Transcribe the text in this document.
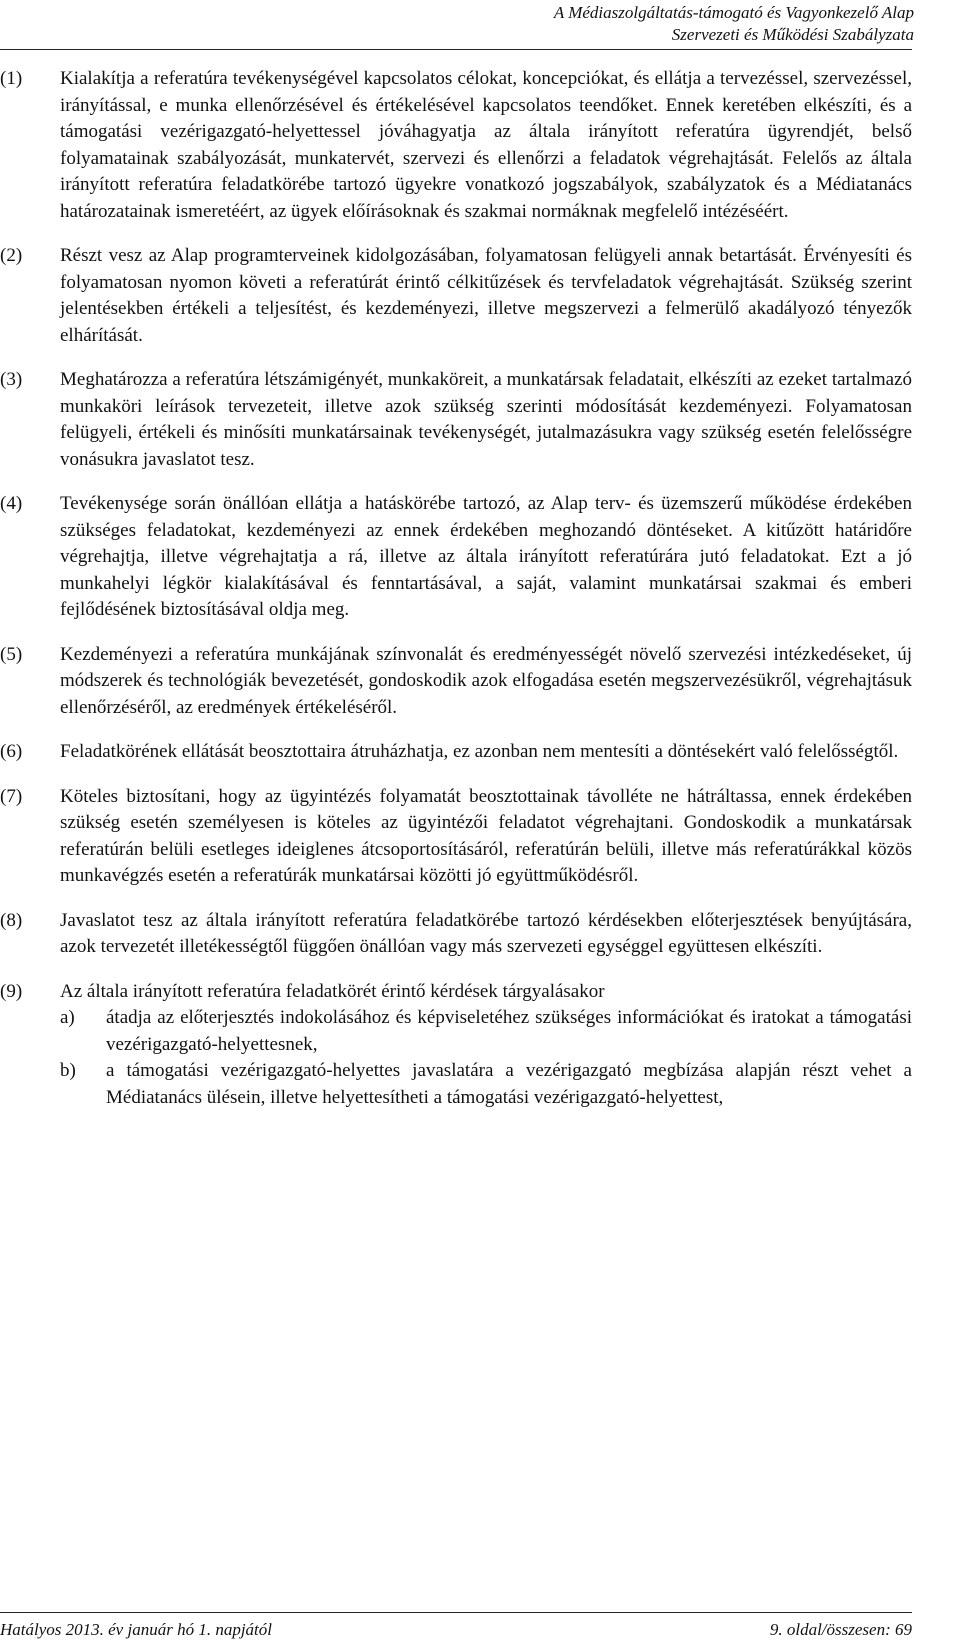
A Médiaszolgáltatás-támogató és Vagyonkezelő Alap
Szervezeti és Működési Szabályzata
(1) Kialakítja a referatúra tevékenységével kapcsolatos célokat, koncepciókat, és ellátja a tervezéssel, szervezéssel, irányítással, e munka ellenőrzésével és értékelésével kapcsolatos teendőket. Ennek keretében elkészíti, és a támogatási vezérigazgató-helyettessel jóváhagyatja az általa irányított referatúra ügyrendjét, belső folyamatainak szabályozását, munkatervét, szervezi és ellenőrzi a feladatok végrehajtását. Felelős az általa irányított referatúra feladatkörébe tartozó ügyekre vonatkozó jogszabályok, szabályzatok és a Médiatanács határozatainak ismeretéért, az ügyek előírásoknak és szakmai normáknak megfelelő intézéséért.
(2) Részt vesz az Alap programterveinek kidolgozásában, folyamatosan felügyeli annak betartását. Érvényesíti és folyamatosan nyomon követi a referatúrát érintő célkitűzések és tervfeladatok végrehajtását. Szükség szerint jelentésekben értékeli a teljesítést, és kezdeményezi, illetve megszervezi a felmerülő akadályozó tényezők elhárítását.
(3) Meghatározza a referatúra létszámigényét, munkaköreit, a munkatársak feladatait, elkészíti az ezeket tartalmazó munkaköri leírások tervezeteit, illetve azok szükség szerinti módosítását kezdeményezi. Folyamatosan felügyeli, értékeli és minősíti munkatársainak tevékenységét, jutalmazásukra vagy szükség esetén felelősségre vonásukra javaslatot tesz.
(4) Tevékenysége során önállóan ellátja a hatáskörébe tartozó, az Alap terv- és üzemszerű működése érdekében szükséges feladatokat, kezdeményezi az ennek érdekében meghozandó döntéseket. A kitűzött határidőre végrehajtja, illetve végrehajtatja a rá, illetve az általa irányított referatúrára jutó feladatokat. Ezt a jó munkahelyi légkör kialakításával és fenntartásával, a saját, valamint munkatársai szakmai és emberi fejlődésének biztosításával oldja meg.
(5) Kezdeményezi a referatúra munkájának színvonalát és eredményességét növelő szervezési intézkedéseket, új módszerek és technológiák bevezetését, gondoskodik azok elfogadása esetén megszervezésükről, végrehajtásuk ellenőrzéséről, az eredmények értékeléséről.
(6) Feladatkörének ellátását beosztottaira átruházhatja, ez azonban nem mentesíti a döntésekért való felelősségtől.
(7) Köteles biztosítani, hogy az ügyintézés folyamatát beosztottainak távolléte ne hátráltassa, ennek érdekében szükség esetén személyesen is köteles az ügyintézői feladatot végrehajtani. Gondoskodik a munkatársak referatúrán belüli esetleges ideiglenes átcsoportosításáról, referatúrán belüli, illetve más referatúrákkal közös munkavégzés esetén a referatúrák munkatársai közötti jó együttműködésről.
(8) Javaslatot tesz az általa irányított referatúra feladatkörébe tartozó kérdésekben előterjesztések benyújtására, azok tervezetét illetékességtől függően önállóan vagy más szervezeti egységgel együttesen elkészíti.
(9) Az általa irányított referatúra feladatkörét érintő kérdések tárgyalásakor
a) átadja az előterjesztés indokolásához és képviseletéhez szükséges információkat és iratokat a támogatási vezérigazgató-helyettesnek,
b) a támogatási vezérigazgató-helyettes javaslatára a vezérigazgató megbízása alapján részt vehet a Médiatanács ülésein, illetve helyettesítheti a támogatási vezérigazgató-helyettest,
Hatályos 2013. év január hó 1. napjától	9. oldal/összesen: 69
